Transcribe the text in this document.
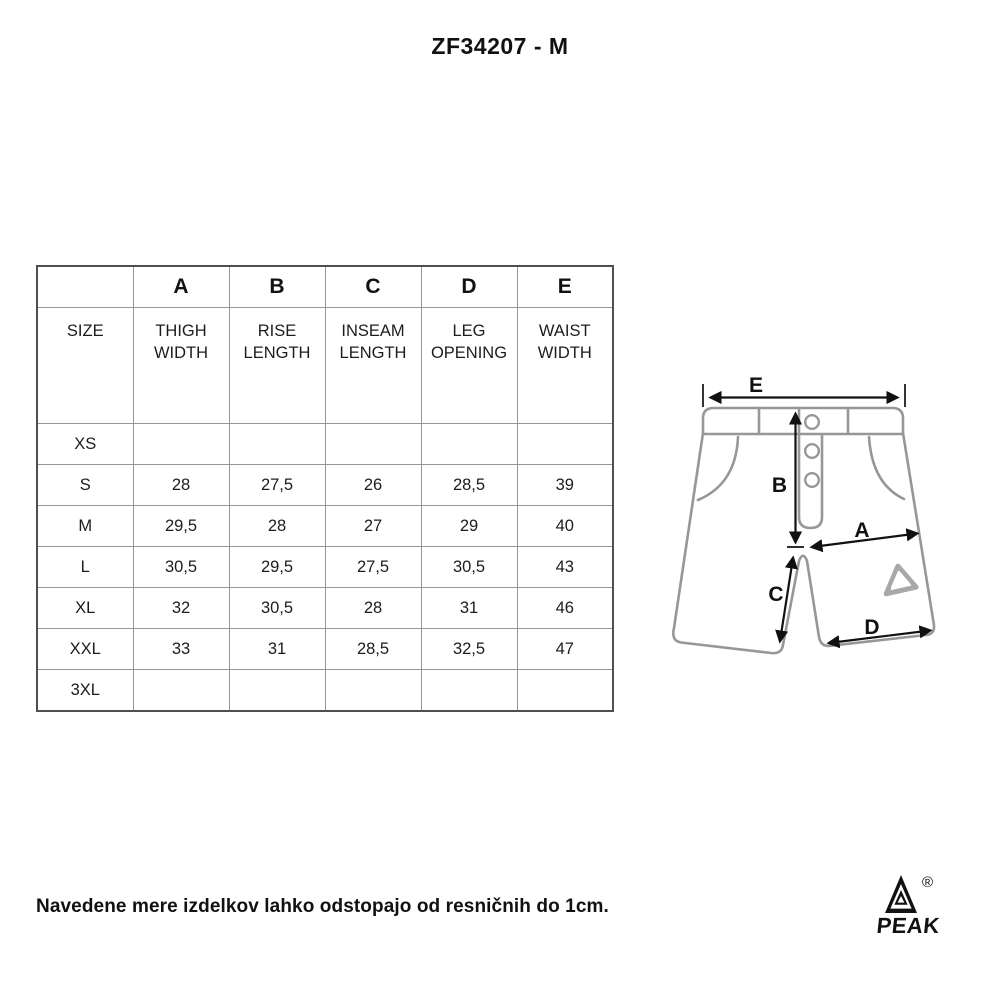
ZF34207 - M
	A	B	C	D	E
SIZE	THIGH WIDTH	RISE LENGTH	INSEAM LENGTH	LEG OPENING	WAIST WIDTH

XS					
S	28	27,5	26	28,5	39
M	29,5	28	27	29	40
L	30,5	29,5	27,5	30,5	43
XL	32	30,5	28	31	46
XXL	33	31	28,5	32,5	47
3XL					
E
B
A
C
D
Navedene mere izdelkov lahko odstopajo od resničnih do 1cm.
®
PEAK
